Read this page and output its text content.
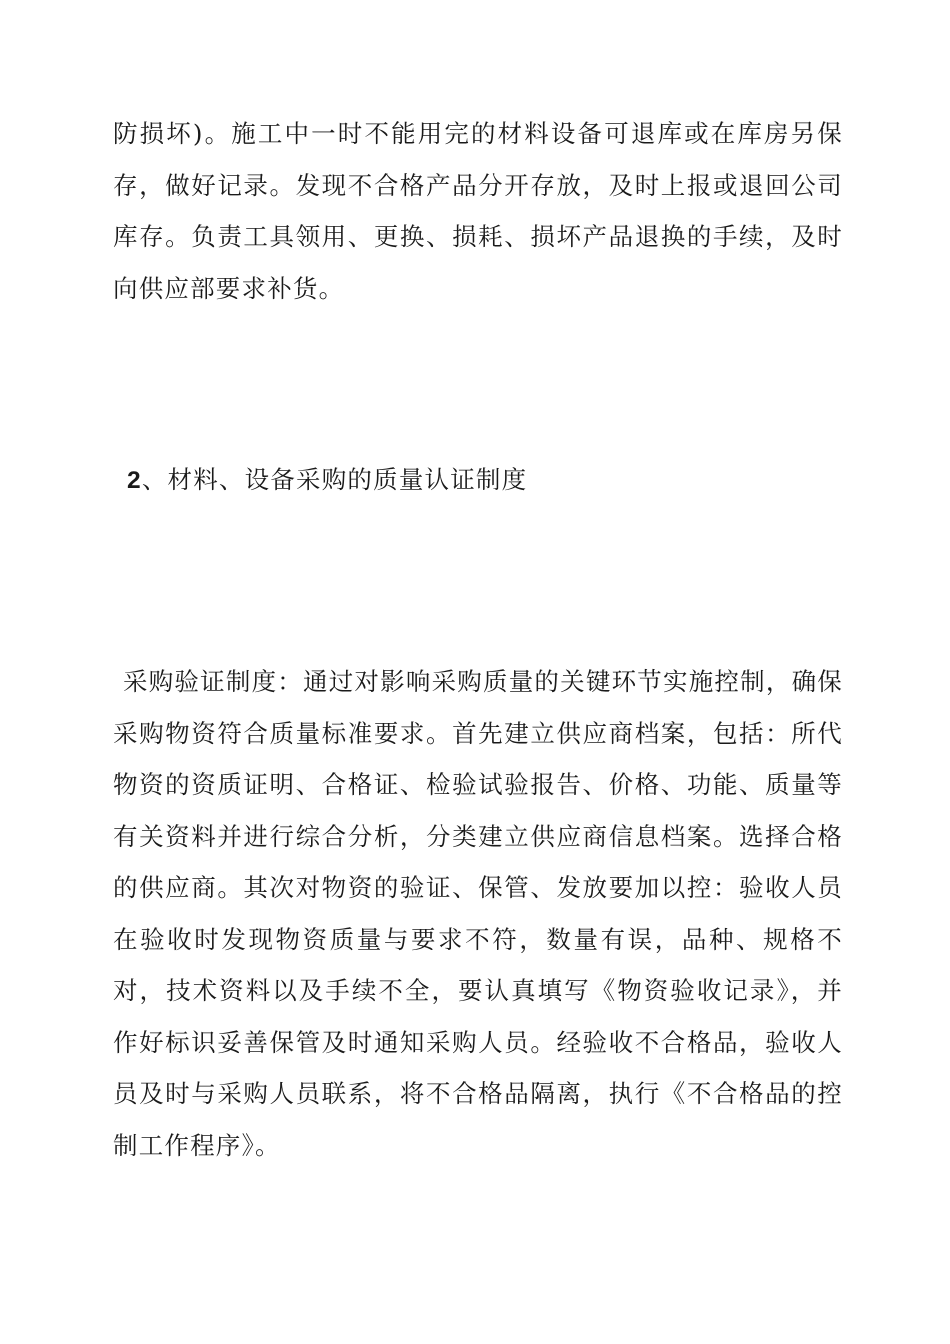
防损坏)。施工中一时不能用完的材料设备可退库或在库房另保存，做好记录。发现不合格产品分开存放，及时上报或退回公司库存。负责工具领用、更换、损耗、损坏产品退换的手续，及时向供应部要求补货。

2、材料、设备采购的质量认证制度

采购验证制度：通过对影响采购质量的关键环节实施控制，确保采购物资符合质量标准要求。首先建立供应商档案，包括：所代物资的资质证明、合格证、检验试验报告、价格、功能、质量等有关资料并进行综合分析，分类建立供应商信息档案。选择合格的供应商。其次对物资的验证、保管、发放要加以控：验收人员在验收时发现物资质量与要求不符，数量有误，品种、规格不对，技术资料以及手续不全，要认真填写《物资验收记录》，并作好标识妥善保管及时通知采购人员。经验收不合格品，验收人员及时与采购人员联系，将不合格品隔离，执行《不合格品的控制工作程序》。
